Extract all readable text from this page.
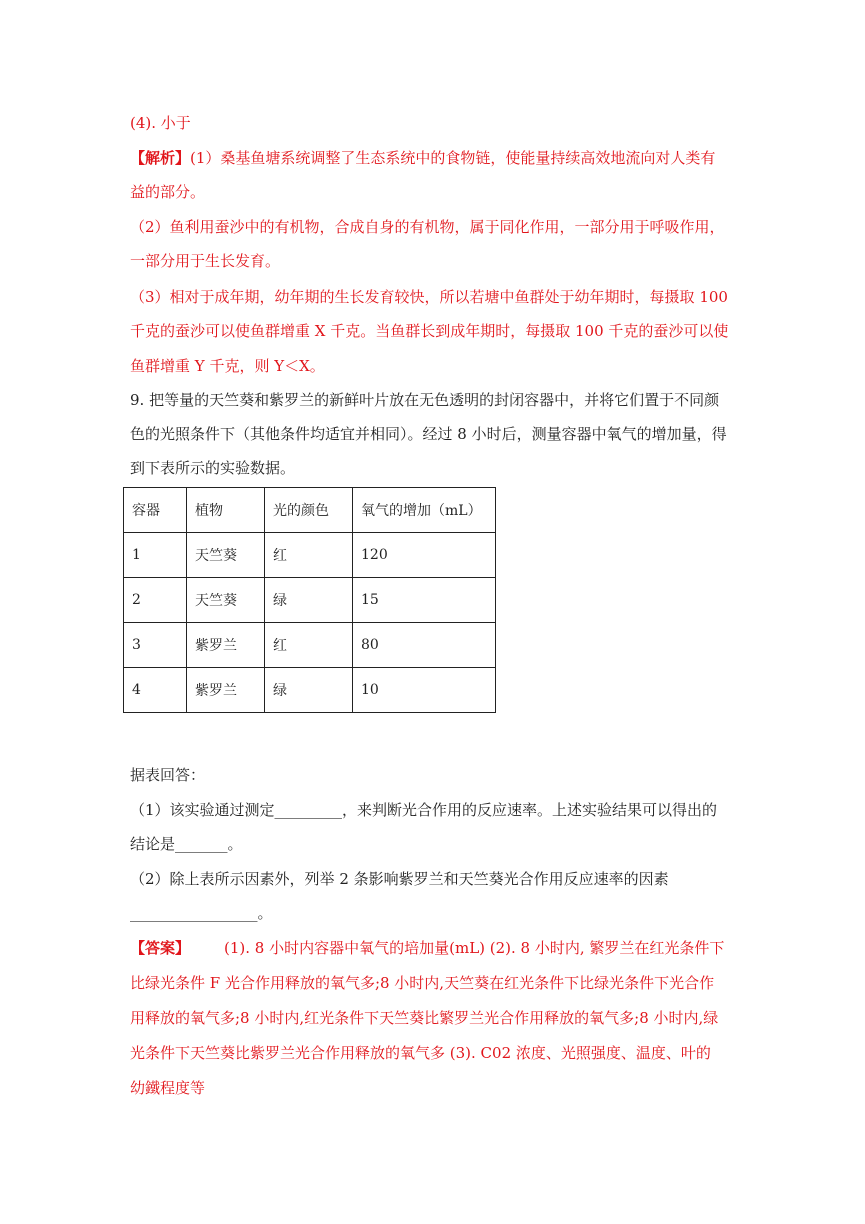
(4). 小于
【解析】(1）桑基鱼塘系统调整了生态系统中的食物链，使能量持续高效地流向对人类有
益的部分。
（2）鱼利用蚕沙中的有机物，合成自身的有机物，属于同化作用，一部分用于呼吸作用，
一部分用于生长发育。
（3）相对于成年期，幼年期的生长发育较快，所以若塘中鱼群处于幼年期时，每摄取 100
千克的蚕沙可以使鱼群增重 X 千克。当鱼群长到成年期时，每摄取 100 千克的蚕沙可以使
鱼群增重 Y 千克，则 Y＜X。
9. 把等量的天竺葵和紫罗兰的新鲜叶片放在无色透明的封闭容器中，并将它们置于不同颜
色的光照条件下（其他条件均适宜并相同）。经过 8 小时后，测量容器中氧气的增加量，得
到下表所示的实验数据。
容器	植物	光的颜色	氧气的增加（mL）
1	天竺葵	红	120
2	天竺葵	绿	15
3	紫罗兰	红	80
4	紫罗兰	绿	10
据表回答：
（1）该实验通过测定_________，来判断光合作用的反应速率。上述实验结果可以得出的
结论是_______。
（2）除上表所示因素外，列举 2 条影响紫罗兰和天竺葵光合作用反应速率的因素
_________________。
【答案】 (1). 8 小时内容器中氧气的培加量(mL) (2). 8 小时内, 繁罗兰在红光条件下
比绿光条件 F 光合作用释放的氧气多;8 小时内,天竺葵在红光条件下比绿光条件下光合作
用释放的氧气多;8 小时内,红光条件下天竺葵比繁罗兰光合作用释放的氧气多;8 小时内,绿
光条件下天竺葵比紫罗兰光合作用释放的氧气多 (3). C02 浓度、光照强度、温度、叶的
幼鐵程度等
